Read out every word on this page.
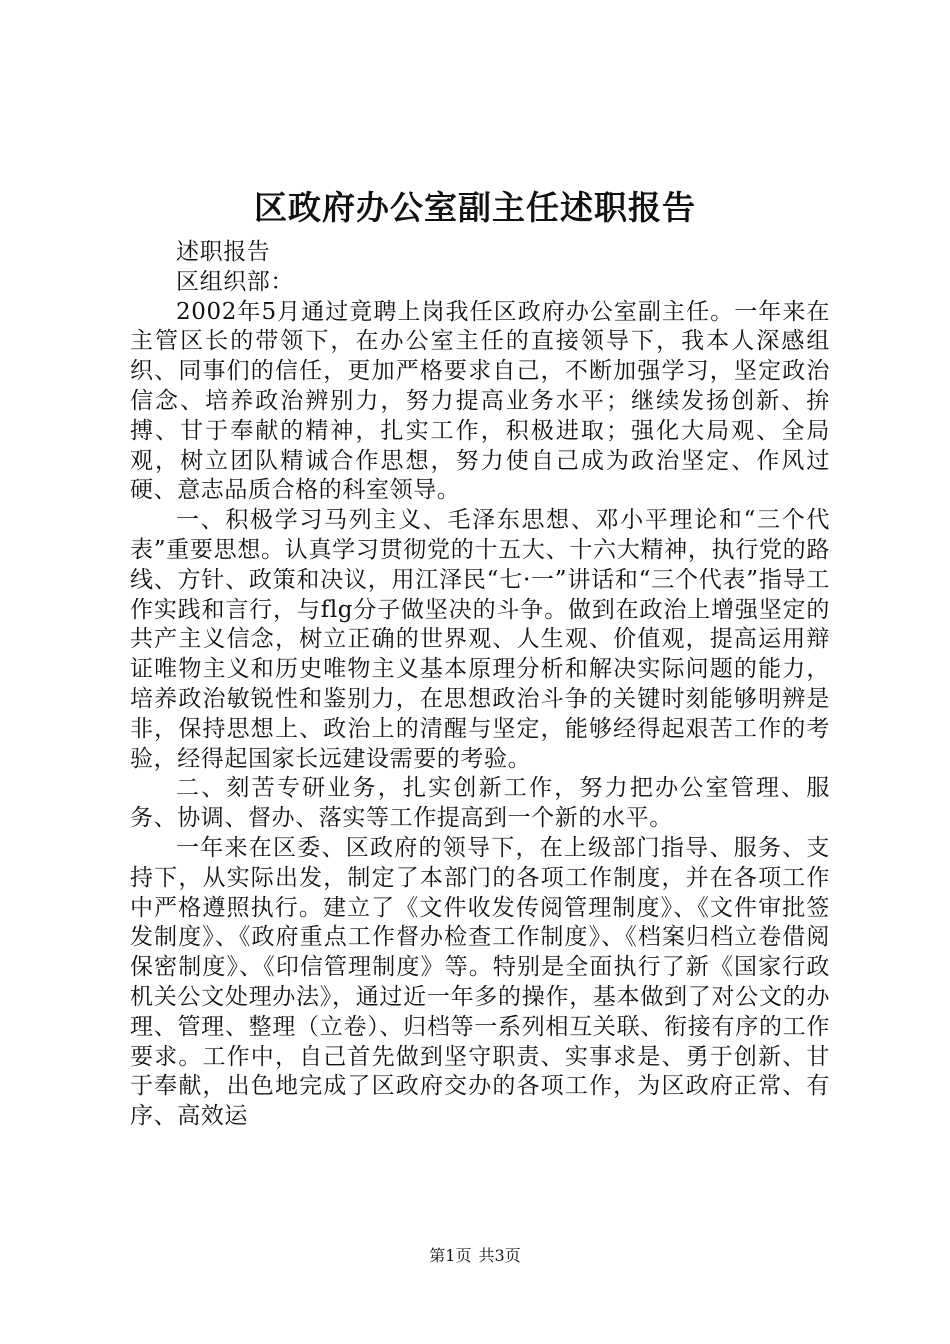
区政府办公室副主任述职报告

述职报告

区组织部：

2002年5月通过竟聘上岗我任区政府办公室副主任。一年来在主管区长的带领下，在办公室主任的直接领导下，我本人深感组织、同事们的信任，更加严格要求自己，不断加强学习，坚定政治信念、培养政治辨别力，努力提高业务水平；继续发扬创新、拚搏、甘于奉献的精神，扎实工作，积极进取；强化大局观、全局观，树立团队精诚合作思想，努力使自己成为政治坚定、作风过硬、意志品质合格的科室领导。

一、积极学习马列主义、毛泽东思想、邓小平理论和“三个代表”重要思想。认真学习贯彻党的十五大、十六大精神，执行党的路线、方针、政策和决议，用江泽民“七·一”讲话和“三个代表”指导工作实践和言行，与flg分子做坚决的斗争。做到在政治上增强坚定的共产主义信念，树立正确的世界观、人生观、价值观，提高运用辩证唯物主义和历史唯物主义基本原理分析和解决实际问题的能力，培养政治敏锐性和鉴别力，在思想政治斗争的关键时刻能够明辨是非，保持思想上、政治上的清醒与坚定，能够经得起艰苦工作的考验，经得起国家长远建设需要的考验。

二、刻苦专研业务，扎实创新工作，努力把办公室管理、服务、协调、督办、落实等工作提高到一个新的水平。

一年来在区委、区政府的领导下，在上级部门指导、服务、支持下，从实际出发，制定了本部门的各项工作制度，并在各项工作中严格遵照执行。建立了《文件收发传阅管理制度》、《文件审批签发制度》、《政府重点工作督办检查工作制度》、《档案归档立卷借阅保密制度》、《印信管理制度》等。特别是全面执行了新《国家行政机关公文处理办法》，通过近一年多的操作，基本做到了对公文的办理、管理、整理（立卷）、归档等一系列相互关联、衔接有序的工作要求。工作中，自己首先做到坚守职责、实事求是、勇于创新、甘于奉献，出色地完成了区政府交办的各项工作，为区政府正常、有序、高效运

第1页 共3页
